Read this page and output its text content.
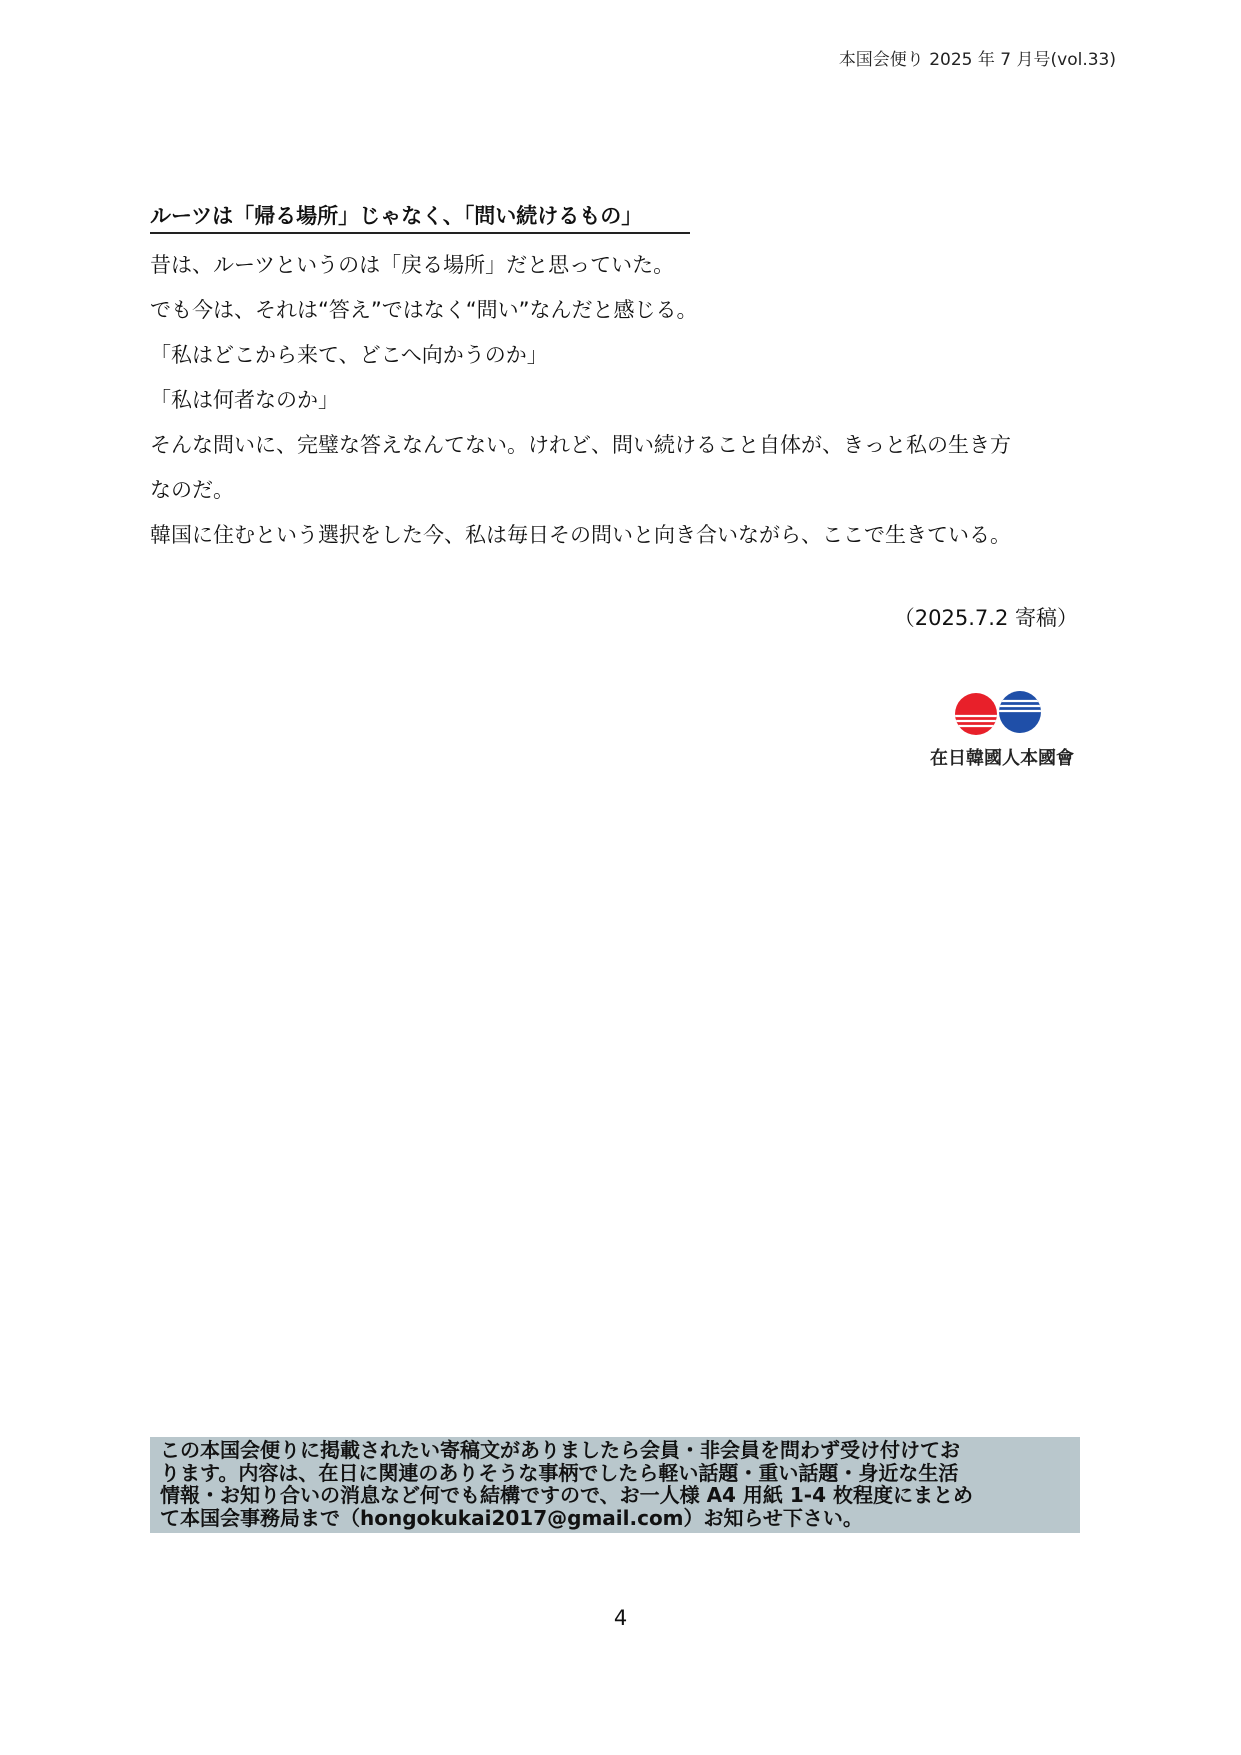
本国会便り 2025 年 7 月号(vol.33)
ルーツは「帰る場所」じゃなく、「問い続けるもの」

昔は、ルーツというのは「戻る場所」だと思っていた。

でも今は、それは“答え”ではなく“問い”なんだと感じる。

「私はどこから来て、どこへ向かうのか」

「私は何者なのか」

そんな問いに、完璧な答えなんてない。けれど、問い続けること自体が、きっと私の生き方

なのだ。

韓国に住むという選択をした今、私は毎日その問いと向き合いながら、ここで生きている。

（2025.7.2 寄稿）
在日韓國人本國會

この本国会便りに掲載されたい寄稿文がありましたら会員・非会員を問わず受け付けてお

ります。内容は、在日に関連のありそうな事柄でしたら軽い話題・重い話題・身近な生活

情報・お知り合いの消息など何でも結構ですので、お一人様 A4 用紙 1-4 枚程度にまとめ

て本国会事務局まで（hongokukai2017@gmail.com）お知らせ下さい。

4
